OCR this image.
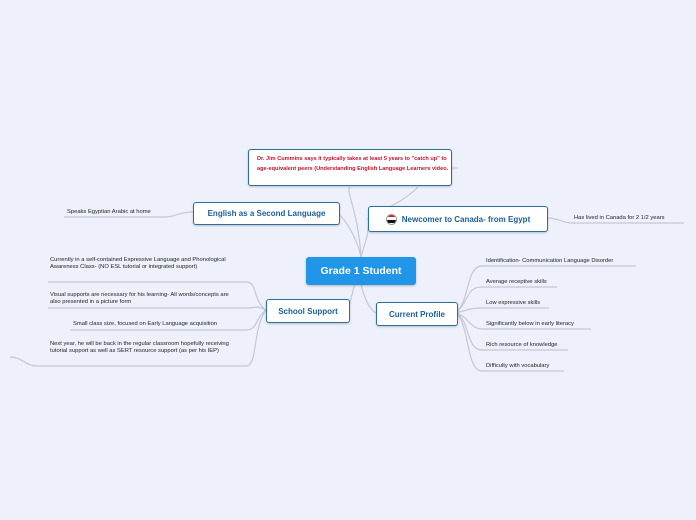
Dr. Jim Cummins says it typically takes at least 5 years to "catch up" to age-equivalent peers (Understanding English Language Learners video.
English as a Second Language
Newcomer to Canada- from Egypt
Grade 1 Student
School Support	Current Profile
Speaks Egyptian Arabic at home
Has lived in Canada for 2 1/2 years
Currently in a self-contained Expressive Language and Phonological Awareness Class- (NO ESL tutorial or integrated support)
Visual supports are necessary for his learning- All words/concepts are also presented in a picture form
Small class size, focused on Early Language acquisition
Next year, he will be back in the regular classroom hopefully receiving tutorial support as well as SERT resource support (as per his IEP)
Identification- Communication Language Disorder
Average receptive skills
Low expressive skills
Significantly below in early literacy
Rich resource of knowledge
Difficulty with vocabulary
